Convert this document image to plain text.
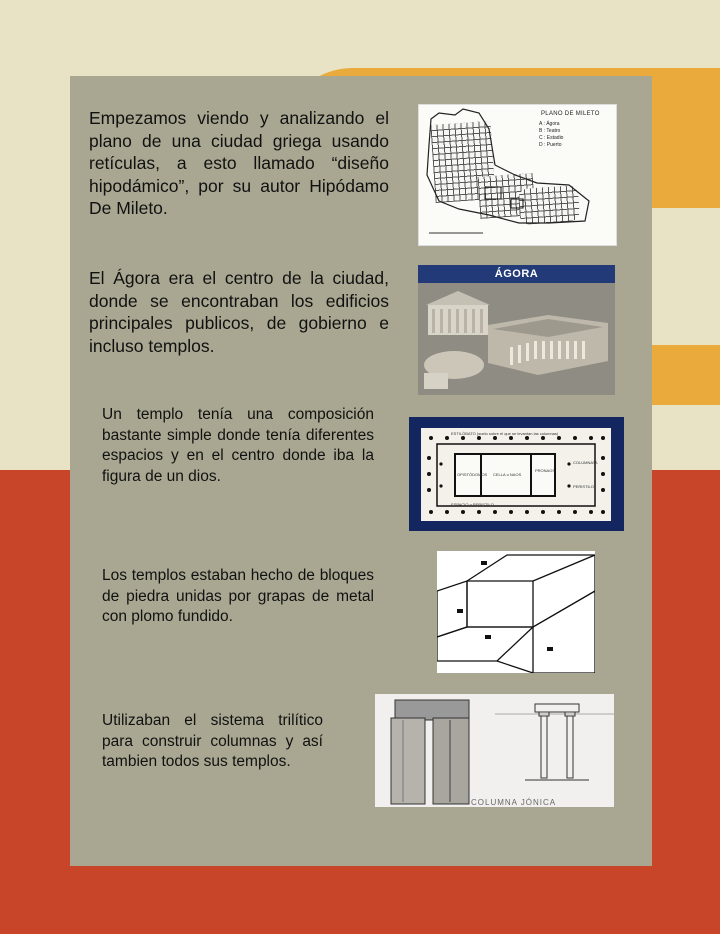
Empezamos viendo y analizando el plano de una ciudad griega usando retículas, a esto llamado “diseño hipodámico”, por su autor Hipódamo De Mileto.
PLANO DE MILETO
A : Ágora
B : Teatro
C : Estadio
D : Puerto
El Ágora era el centro de la ciudad, donde se encontraban los edificios principales publicos, de gobierno e incluso templos.
ÁGORA
Un templo tenía una composición bastante simple donde tenía diferentes espacios y en el centro donde iba la figura de un dios.
ESTILÓBATO (suelo sobre el que se levantan las columnas)
OPISTÓDOMOS CELLA o NAOS
PRONAOS
COLUMNATA
PERISTILO
ESPACIO o PERISTILO
Los templos estaban hecho de bloques de piedra unidas por grapas de metal con plomo fundido.
Utilizaban el sistema trilítico para construir columnas y así tambien todos sus templos.
COLUMNA JÓNICA
